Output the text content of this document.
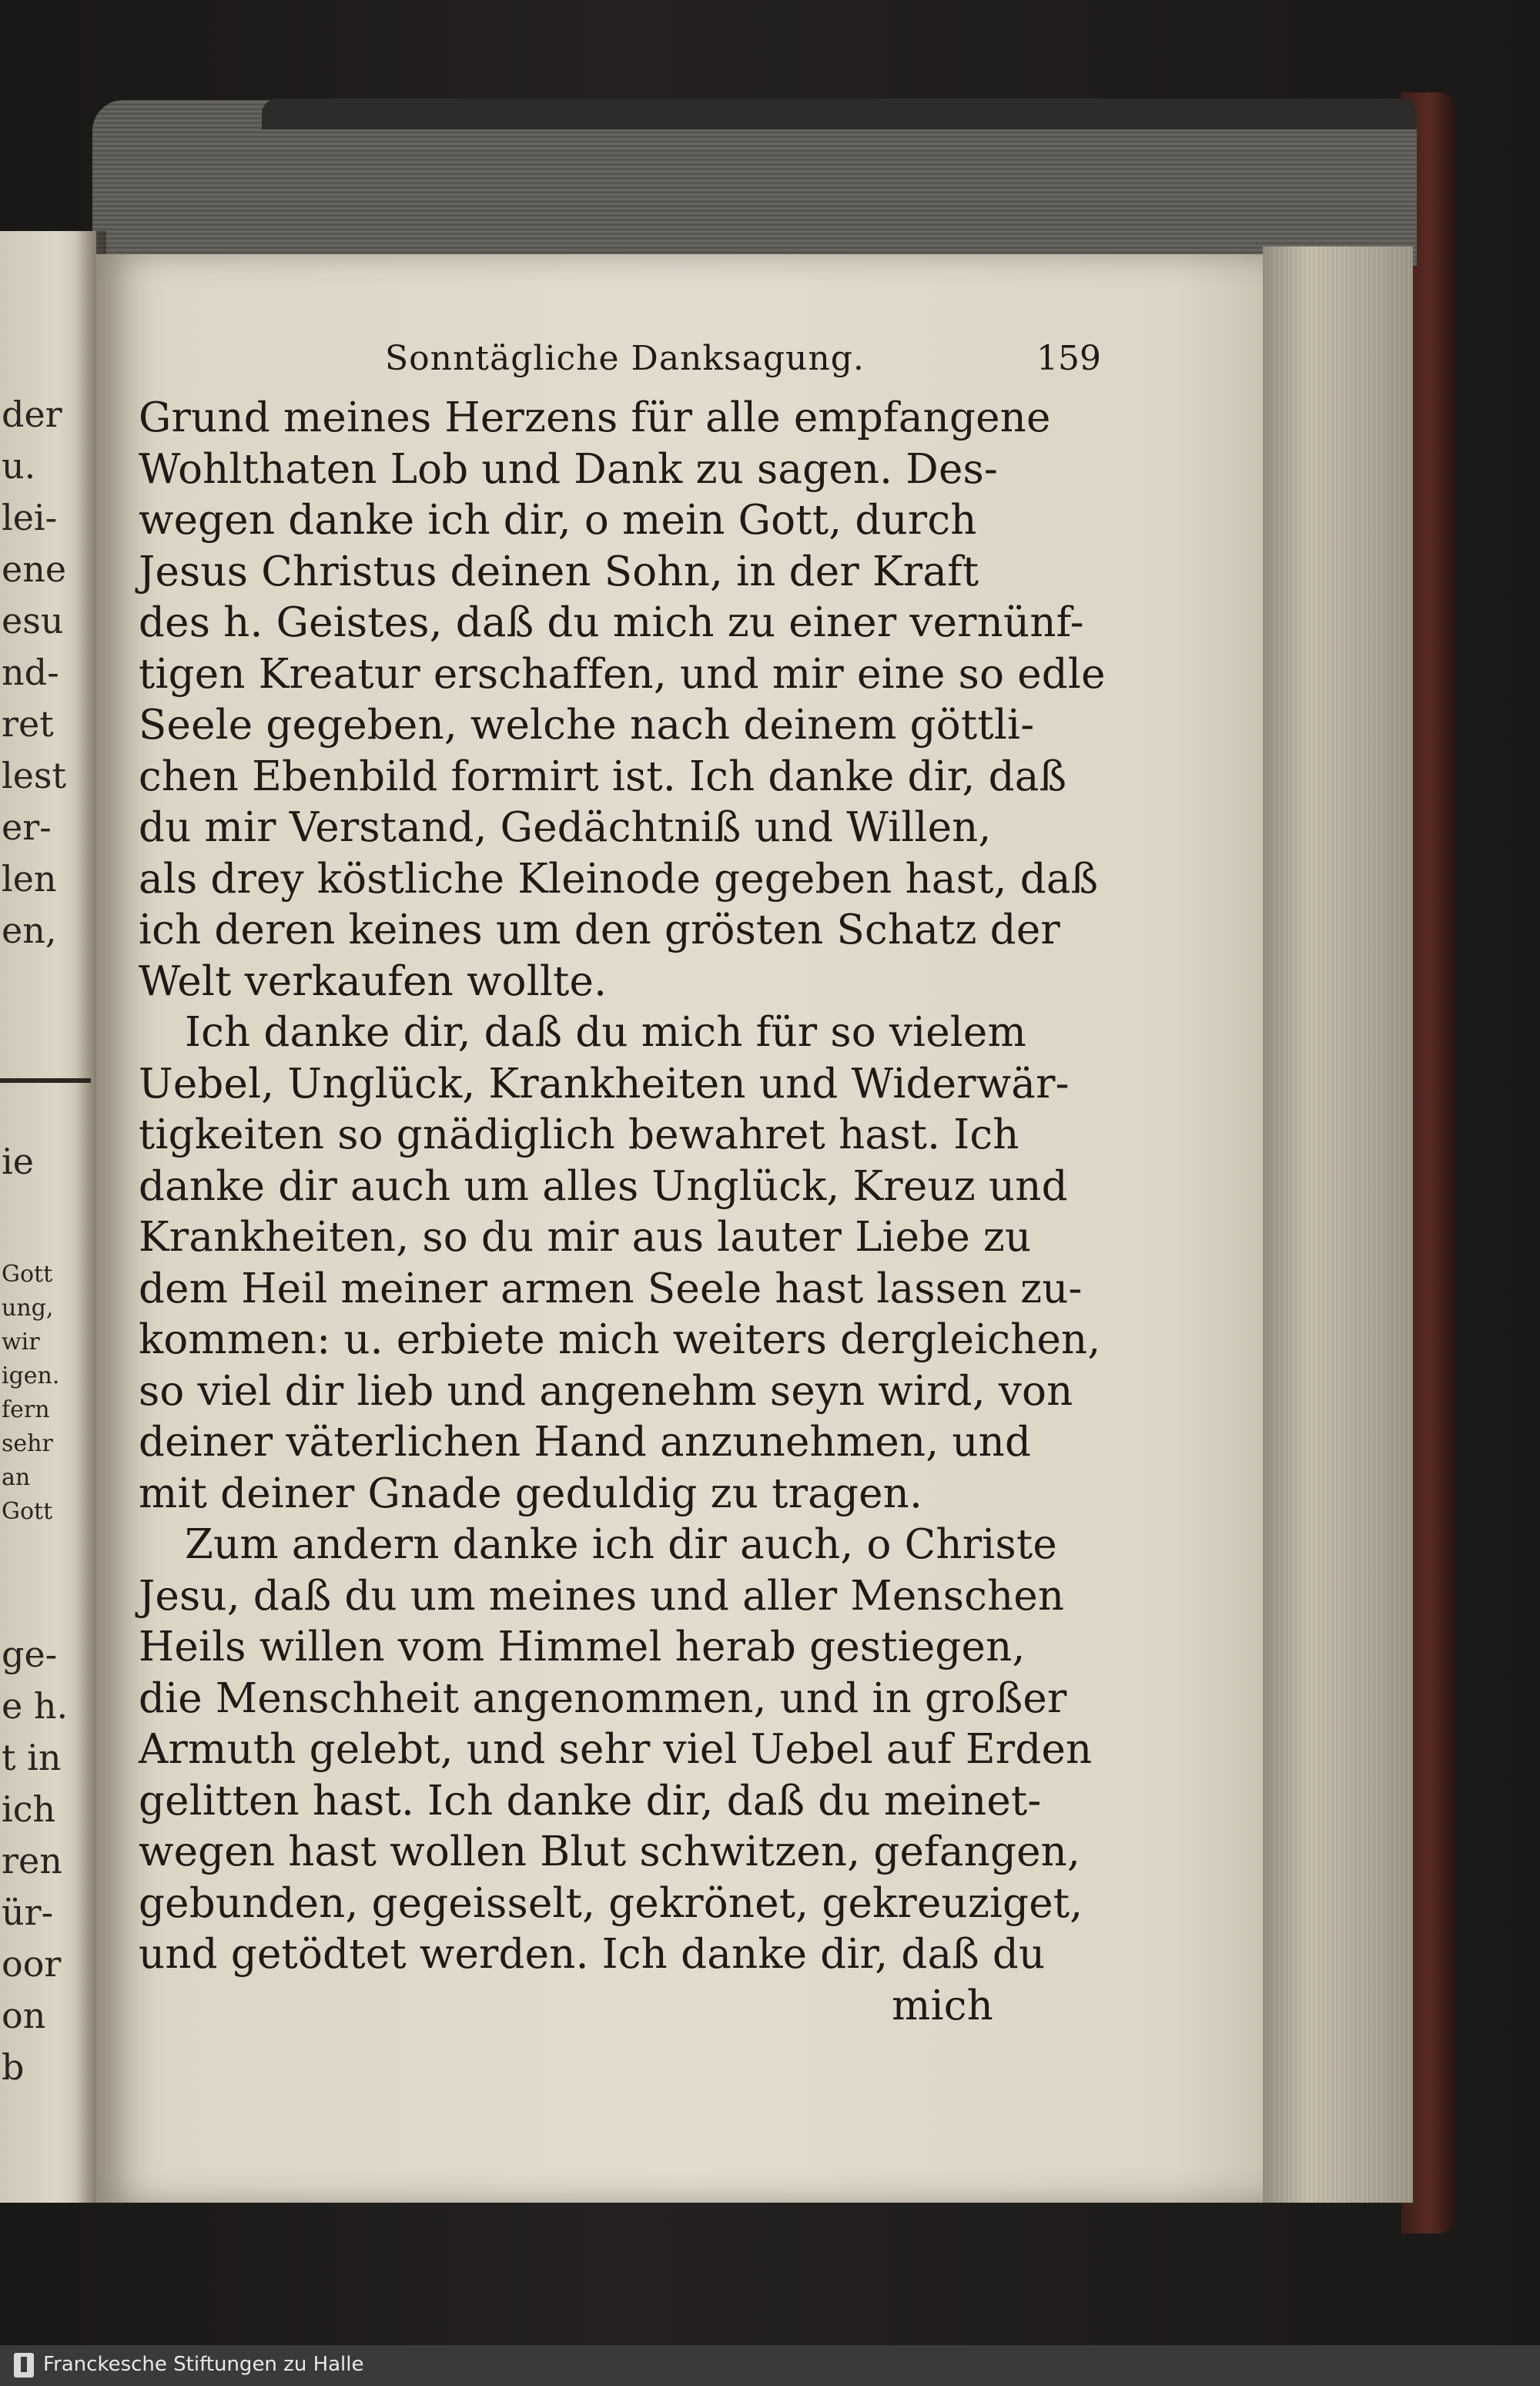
der
u.
lei-
ene
esu
nd-
ret
lest
er-
len
en,
ie
Gott
ung,
wir
igen.
fern
sehr
an
Gott
ge-
e h.
t in
ich
ren
ür-
oor
on
b
Sonntägliche Danksagung.	159
Grund meines Herzens für alle empfangene
Wohlthaten Lob und Dank zu sagen. Des-
wegen danke ich dir, o mein Gott, durch
Jesus Christus deinen Sohn, in der Kraft
des h. Geistes, daß du mich zu einer vernünf-
tigen Kreatur erschaffen, und mir eine so edle
Seele gegeben, welche nach deinem göttli-
chen Ebenbild formirt ist. Ich danke dir, daß
du mir Verstand, Gedächtniß und Willen,
als drey köstliche Kleinode gegeben hast, daß
ich deren keines um den grösten Schatz der
Welt verkaufen wollte.
Ich danke dir, daß du mich für so vielem
Uebel, Unglück, Krankheiten und Widerwär-
tigkeiten so gnädiglich bewahret hast. Ich
danke dir auch um alles Unglück, Kreuz und
Krankheiten, so du mir aus lauter Liebe zu
dem Heil meiner armen Seele hast lassen zu-
kommen: u. erbiete mich weiters dergleichen,
so viel dir lieb und angenehm seyn wird, von
deiner väterlichen Hand anzunehmen, und
mit deiner Gnade geduldig zu tragen.
Zum andern danke ich dir auch, o Christe
Jesu, daß du um meines und aller Menschen
Heils willen vom Himmel herab gestiegen,
die Menschheit angenommen, und in großer
Armuth gelebt, und sehr viel Uebel auf Erden
gelitten hast. Ich danke dir, daß du meinet-
wegen hast wollen Blut schwitzen, gefangen,
gebunden, gegeisselt, gekrönet, gekreuziget,
und getödtet werden. Ich danke dir, daß du
mich
Franckesche Stiftungen zu Halle
